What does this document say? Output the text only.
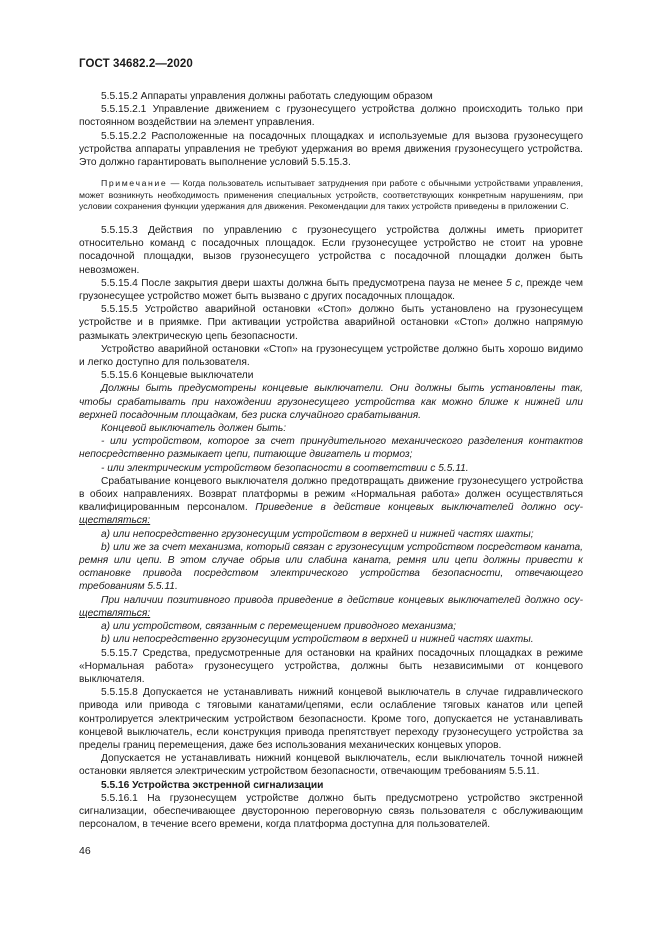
ГОСТ 34682.2—2020

5.5.15.2 Аппараты управления должны работать следующим образом

5.5.15.2.1 Управление движением с грузонесущего устройства должно происходить только при постоянном воздействии на элемент управления.

5.5.15.2.2 Расположенные на посадочных площадках и используемые для вызова грузонесущего устройства аппараты управления не требуют удержания во время движения грузонесущего устройства. Это должно гарантировать выполнение условий 5.5.15.3.

Примечание — Когда пользователь испытывает затруднения при работе с обычными устройствами управления, может возникнуть необходимость применения специальных устройств, соответствующих конкретным нарушениям, при условии сохранения функции удержания для движения. Рекомендации для таких устройств приведены в приложении С.

5.5.15.3 Действия по управлению с грузонесущего устройства должны иметь приоритет относительно команд с посадочных площадок. Если грузонесущее устройство не стоит на уровне посадочной площадки, вызов грузонесущего устройства с посадочной площадки должен быть невозможен.

5.5.15.4 После закрытия двери шахты должна быть предусмотрена пауза не менее 5 с, прежде чем грузонесущее устройство может быть вызвано с других посадочных площадок.

5.5.15.5 Устройство аварийной остановки «Стоп» должно быть установлено на грузонесущем устройстве и в приямке. При активации устройства аварийной остановки «Стоп» должно напрямую размыкать электрическую цепь безопасности.

Устройство аварийной остановки «Стоп» на грузонесущем устройстве должно быть хорошо видимо и легко доступно для пользователя.

5.5.15.6 Концевые выключатели

Должны быть предусмотрены концевые выключатели. Они должны быть установлены так, чтобы срабатывать при нахождении грузонесущего устройства как можно ближе к нижней или верхней посадочным площадкам, без риска случайного срабатывания.

Концевой выключатель должен быть:

- или устройством, которое за счет принудительного механического разделения контактов непосредственно размыкает цепи, питающие двигатель и тормоз;

- или электрическим устройством безопасности в соответствии с 5.5.11.

Срабатывание концевого выключателя должно предотвращать движение грузонесущего устройства в обоих направлениях. Возврат платформы в режим «Нормальная работа» должен осуществляться квалифицированным персоналом. Приведение в действие концевых выключателей должно осу- ществляться:

а) или непосредственно грузонесущим устройством в верхней и нижней частях шахты;

b) или же за счет механизма, который связан с грузонесущим устройством посредством каната, ремня или цепи. В этом случае обрыв или слабина каната, ремня или цепи должны привести к остановке привода посредством электрического устройства безопасности, отвечающего требованиям 5.5.11.

При наличии позитивного привода приведение в действие концевых выключателей должно осу- ществляться:

а) или устройством, связанным с перемещением приводного механизма;

b) или непосредственно грузонесущим устройством в верхней и нижней частях шахты.

5.5.15.7 Средства, предусмотренные для остановки на крайних посадочных площадках в режиме «Нормальная работа» грузонесущего устройства, должны быть независимыми от концевого выключателя.

5.5.15.8 Допускается не устанавливать нижний концевой выключатель в случае гидравлического привода или привода с тяговыми канатами/цепями, если ослабление тяговых канатов или цепей контролируется электрическим устройством безопасности. Кроме того, допускается не устанавливать концевой выключатель, если конструкция привода препятствует переходу грузонесущего устройства за пределы границ перемещения, даже без использования механических концевых упоров.

Допускается не устанавливать нижний концевой выключатель, если выключатель точной нижней остановки является электрическим устройством безопасности, отвечающим требованиям 5.5.11.

5.5.16 Устройства экстренной сигнализации

5.5.16.1 На грузонесущем устройстве должно быть предусмотрено устройство экстренной сигнализации, обеспечивающее двусторонною переговорную связь пользователя с обслуживающим персоналом, в течение всего времени, когда платформа доступна для пользователей.

46
